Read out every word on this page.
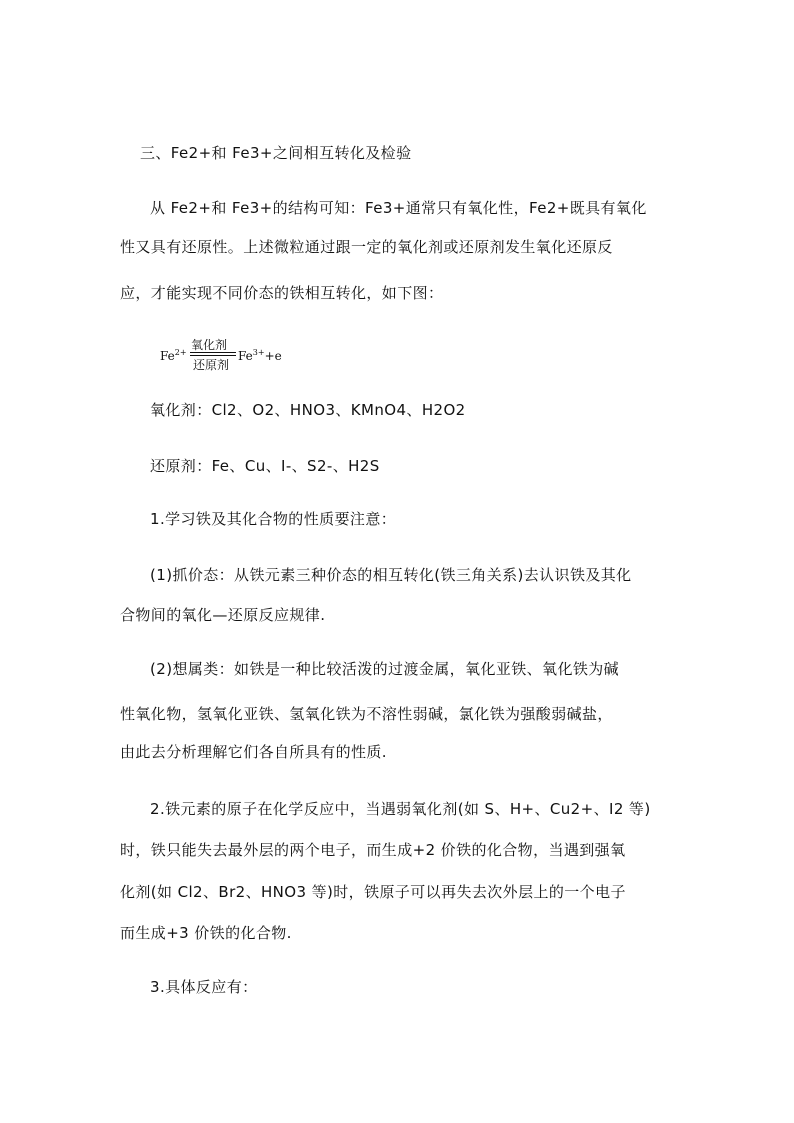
三、Fe2+和 Fe3+之间相互转化及检验
从 Fe2+和 Fe3+的结构可知：Fe3+通常只有氧化性，Fe2+既具有氧化
性又具有还原性。上述微粒通过跟一定的氧化剂或还原剂发生氧化还原反
应，才能实现不同价态的铁相互转化，如下图：
$Fe^{2+}$
氧化剂
还原剂
$Fe^{3+}+e$
氧化剂：Cl2、O2、HNO3、KMnO4、H2O2
还原剂：Fe、Cu、I-、S2-、H2S
1.学习铁及其化合物的性质要注意：
(1)抓价态：从铁元素三种价态的相互转化(铁三角关系)去认识铁及其化
合物间的氧化—还原反应规律.
(2)想属类：如铁是一种比较活泼的过渡金属，氧化亚铁、氧化铁为碱
性氧化物，氢氧化亚铁、氢氧化铁为不溶性弱碱，氯化铁为强酸弱碱盐，
由此去分析理解它们各自所具有的性质.
2.铁元素的原子在化学反应中，当遇弱氧化剂(如 S、H+、Cu2+、I2 等)
时，铁只能失去最外层的两个电子，而生成+2 价铁的化合物，当遇到强氧
化剂(如 Cl2、Br2、HNO3 等)时，铁原子可以再失去次外层上的一个电子
而生成+3 价铁的化合物.
3.具体反应有：
